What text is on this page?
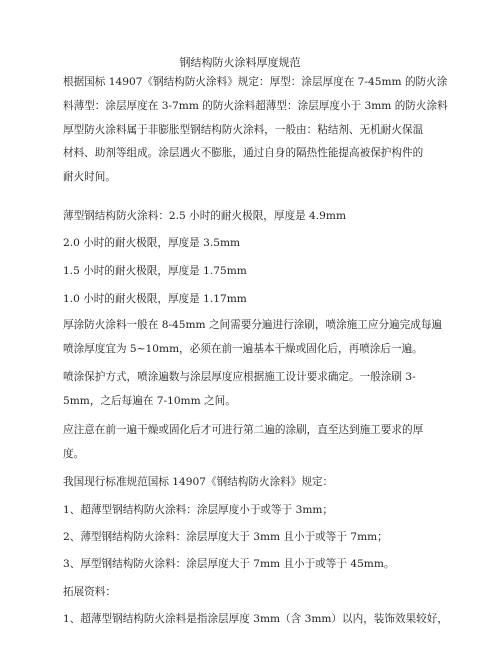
钢结构防火涂料厚度规范
根据国标 14907《钢结构防火涂料》规定：厚型：涂层厚度在 7-45mm 的防火涂
料薄型：涂层厚度在 3-7mm 的防火涂料超薄型：涂层厚度小于 3mm 的防火涂料
厚型防火涂料属于非膨胀型钢结构防火涂料，一般由：粘结剂、无机耐火保温
材料、助剂等组成。涂层遇火不膨胀，通过自身的隔热性能提高被保护构件的
耐火时间。
薄型钢结构防火涂料：2.5 小时的耐火极限，厚度是 4.9mm
2.0 小时的耐火极限，厚度是 3.5mm
1.5 小时的耐火极限，厚度是 1.75mm
1.0 小时的耐火极限，厚度是 1.17mm
厚涂防火涂料一般在 8-45mm 之间需要分遍进行涂刷，喷涂施工应分遍完成每遍
喷涂厚度宜为 5~10mm，必须在前一遍基本干燥或固化后，再喷涂后一遍。
喷涂保护方式，喷涂遍数与涂层厚度应根据施工设计要求确定。一般涂刷 3-
5mm，之后每遍在 7-10mm 之间。
应注意在前一遍干燥或固化后才可进行第二遍的涂刷，直至达到施工要求的厚
度。
我国现行标准规范国标 14907《钢结构防火涂料》规定：
1、超薄型钢结构防火涂料：涂层厚度小于或等于 3mm；
2、薄型钢结构防火涂料：涂层厚度大于 3mm 且小于或等于 7mm；
3、厚型钢结构防火涂料：涂层厚度大于 7mm 且小于或等于 45mm。
拓展资料：
1、超薄型钢结构防火涂料是指涂层厚度 3mm（含 3mm）以内，装饰效果较好，
